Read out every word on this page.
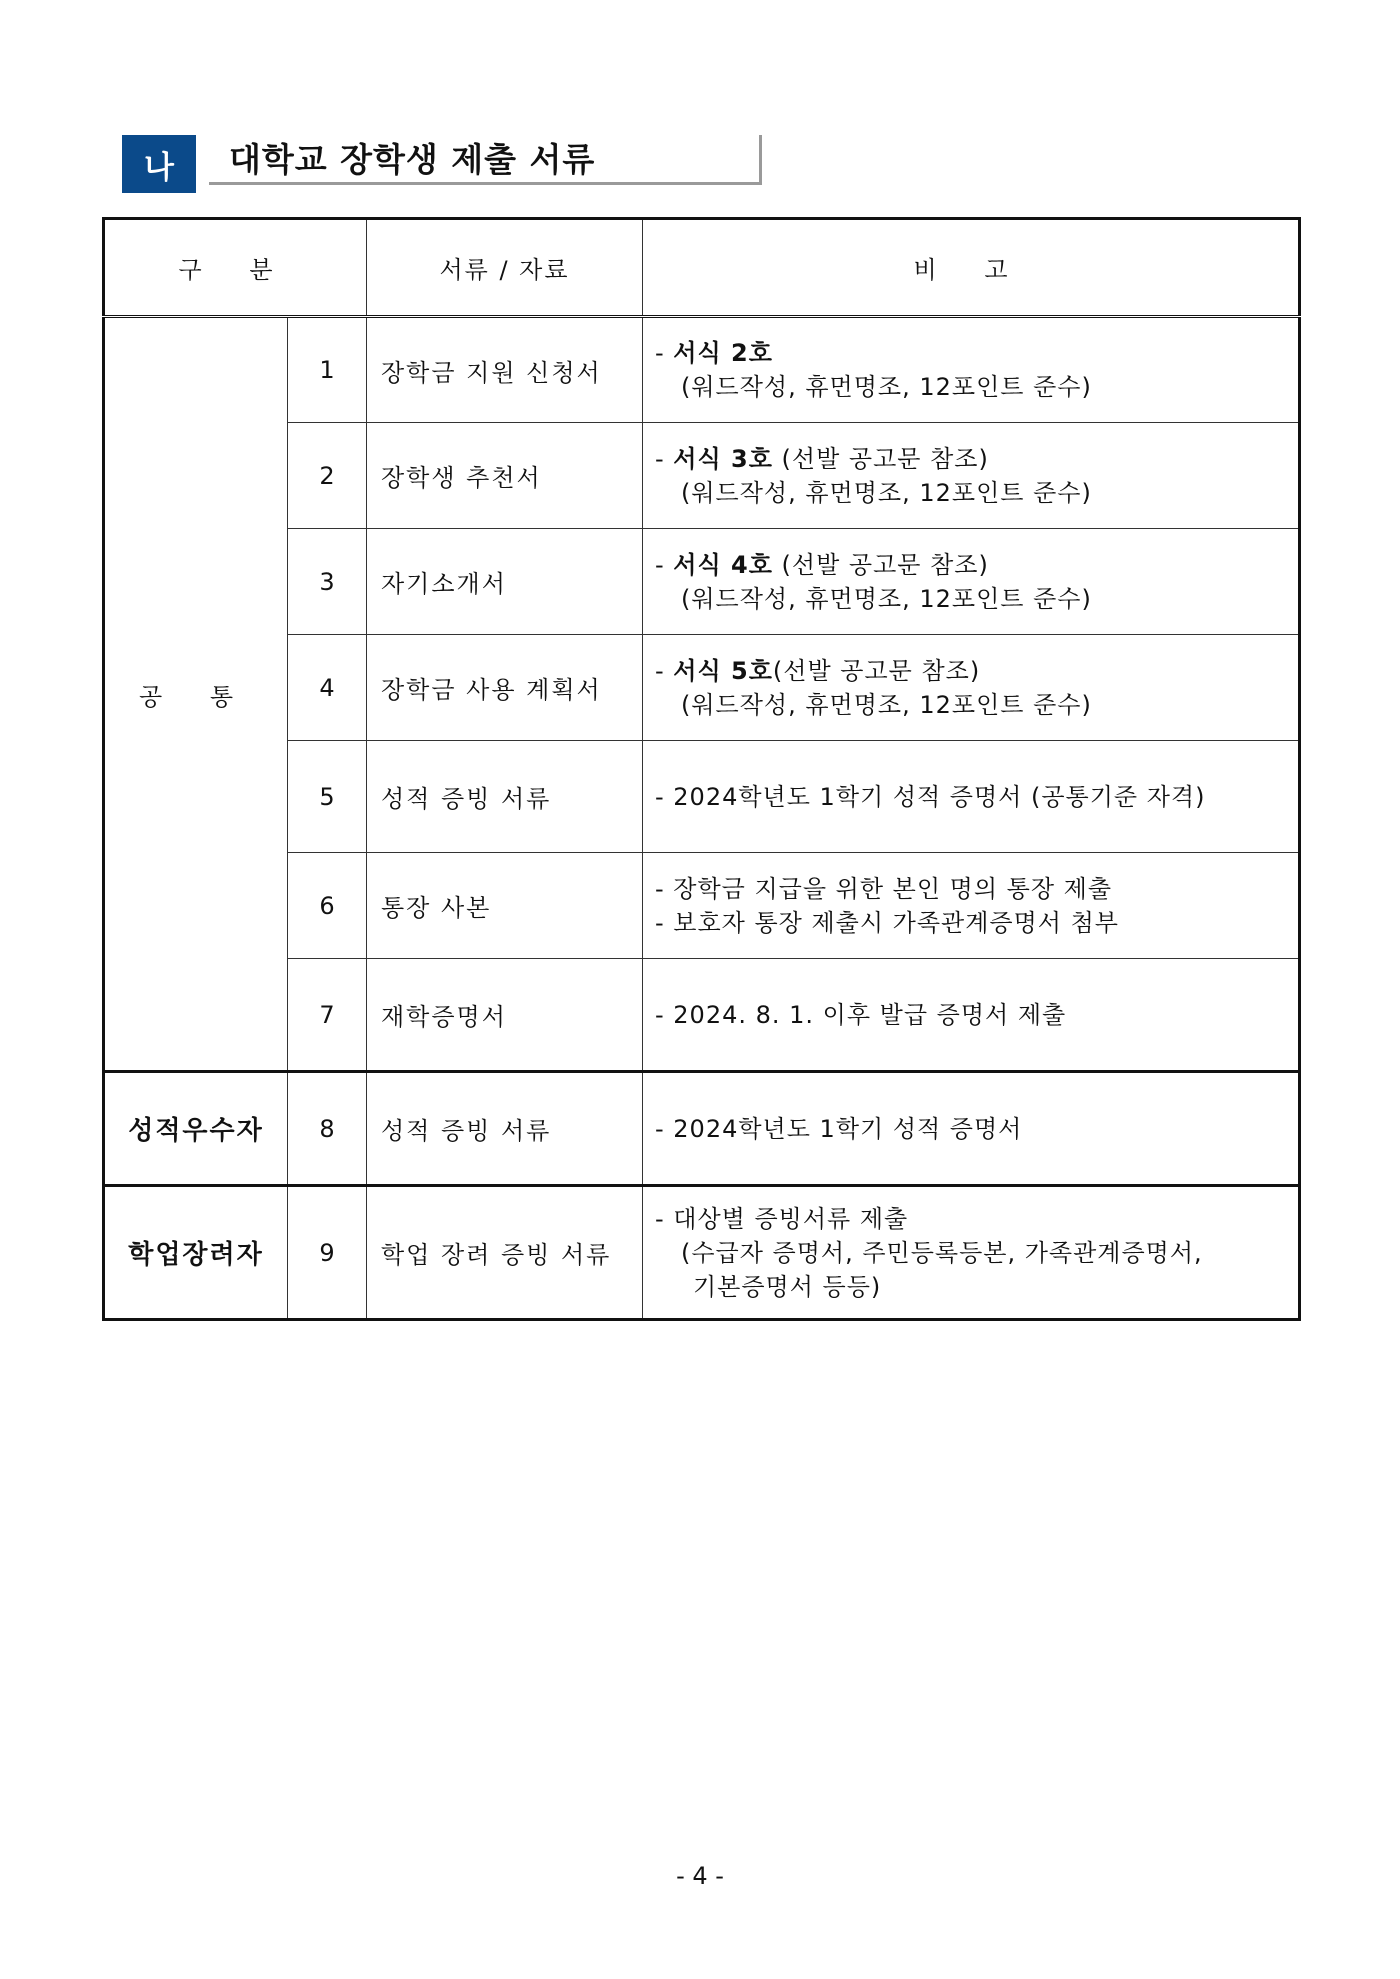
나	대학교 장학생 제출 서류
구 분		서류 / 자료	비 고
공 통	1	장학금 지원 신청서	- 서식 2호
(워드작성, 휴먼명조, 12포인트 준수)

	2	장학생 추천서	- 서식 3호 (선발 공고문 참조)
(워드작성, 휴먼명조, 12포인트 준수)

	3	자기소개서	- 서식 4호 (선발 공고문 참조)
(워드작성, 휴먼명조, 12포인트 준수)

	4	장학금 사용 계획서	- 서식 5호(선발 공고문 참조)
(워드작성, 휴먼명조, 12포인트 준수)

	5	성적 증빙 서류	- 2024학년도 1학기 성적 증명서 (공통기준 자격)

	6	통장 사본	- 장학금 지급을 위한 본인 명의 통장 제출
- 보호자 통장 제출시 가족관계증명서 첨부

	7	재학증명서	- 2024. 8. 1. 이후 발급 증명서 제출

성적우수자	8	성적 증빙 서류	- 2024학년도 1학기 성적 증명서

학업장려자	9	학업 장려 증빙 서류	- 대상별 증빙서류 제출
(수급자 증명서, 주민등록등본, 가족관계증명서,
기본증명서 등등)
- 4 -
